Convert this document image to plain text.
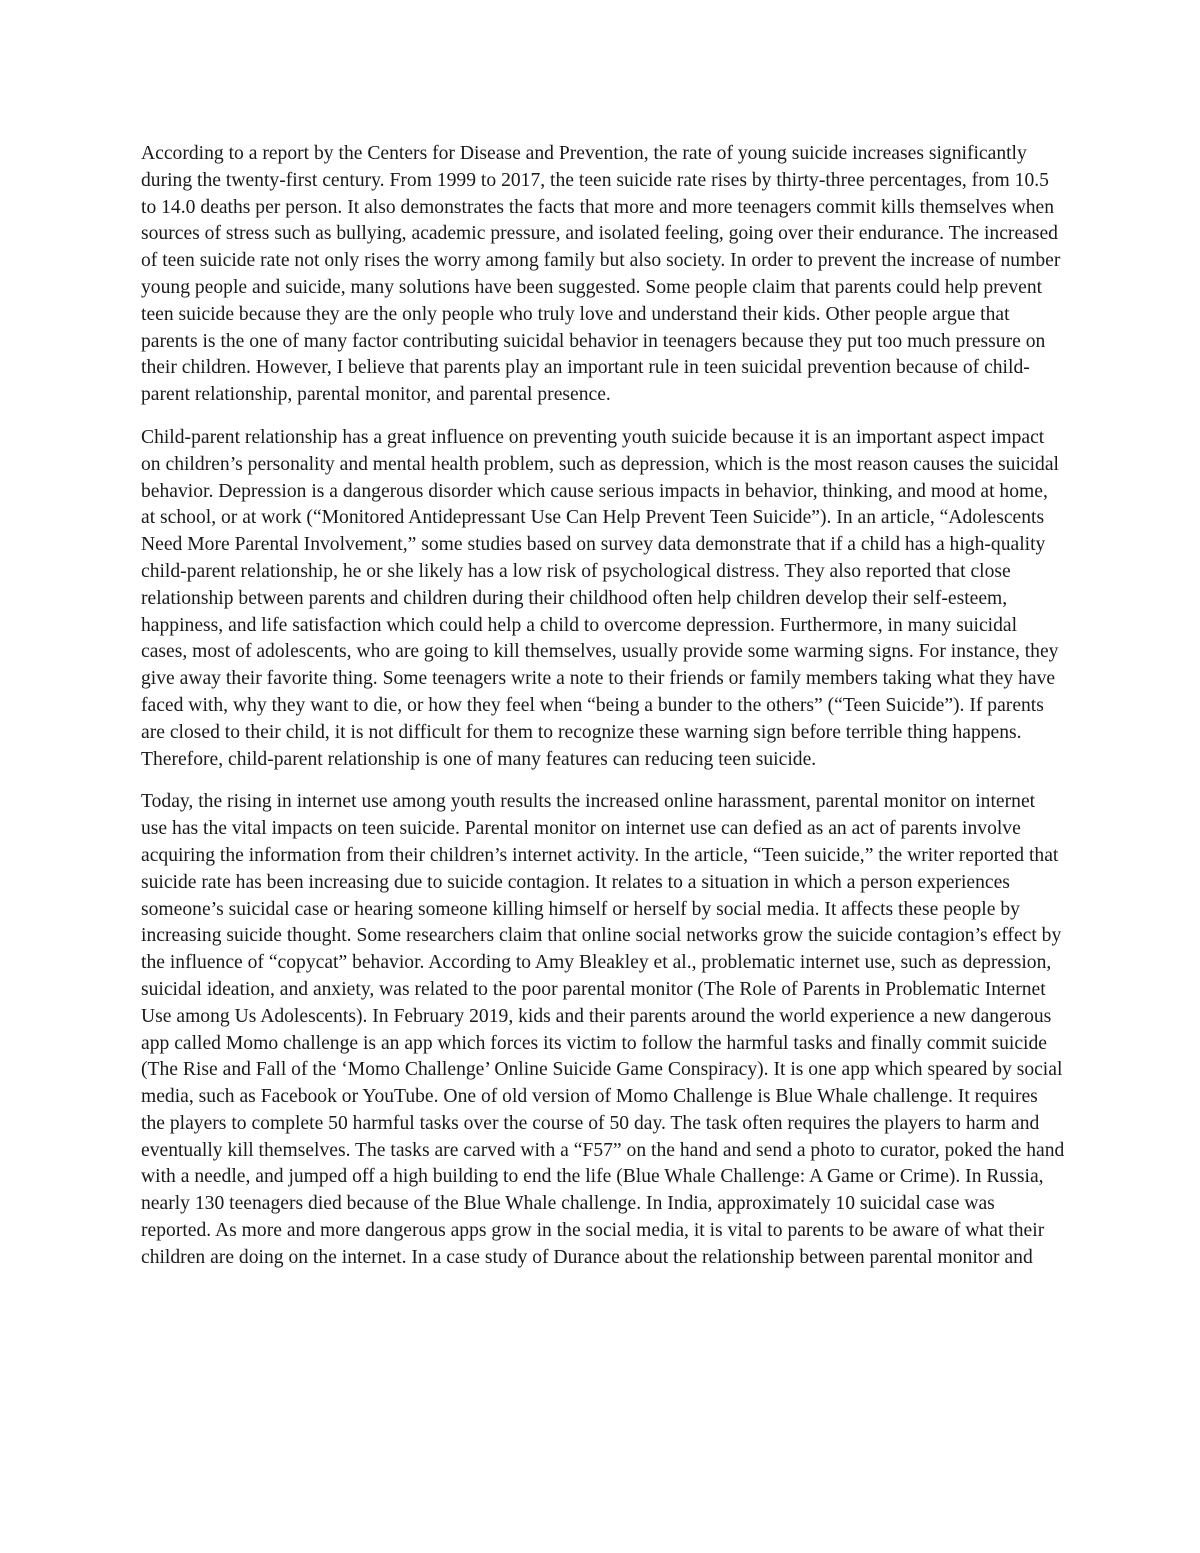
According to a report by the Centers for Disease and Prevention, the rate of young suicide increases significantly during the twenty-first century. From 1999 to 2017, the teen suicide rate rises by thirty-three percentages, from 10.5 to 14.0 deaths per person. It also demonstrates the facts that more and more teenagers commit kills themselves when sources of stress such as bullying, academic pressure, and isolated feeling, going over their endurance. The increased of teen suicide rate not only rises the worry among family but also society. In order to prevent the increase of number young people and suicide, many solutions have been suggested. Some people claim that parents could help prevent teen suicide because they are the only people who truly love and understand their kids. Other people argue that parents is the one of many factor contributing suicidal behavior in teenagers because they put too much pressure on their children. However, I believe that parents play an important rule in teen suicidal prevention because of child-parent relationship, parental monitor, and parental presence.

Child-parent relationship has a great influence on preventing youth suicide because it is an important aspect impact on children’s personality and mental health problem, such as depression, which is the most reason causes the suicidal behavior. Depression is a dangerous disorder which cause serious impacts in behavior, thinking, and mood at home, at school, or at work (“Monitored Antidepressant Use Can Help Prevent Teen Suicide”). In an article, “Adolescents Need More Parental Involvement,” some studies based on survey data demonstrate that if a child has a high-quality child-parent relationship, he or she likely has a low risk of psychological distress. They also reported that close relationship between parents and children during their childhood often help children develop their self-esteem, happiness, and life satisfaction which could help a child to overcome depression. Furthermore, in many suicidal cases, most of adolescents, who are going to kill themselves, usually provide some warming signs. For instance, they give away their favorite thing. Some teenagers write a note to their friends or family members taking what they have faced with, why they want to die, or how they feel when “being a bunder to the others” (“Teen Suicide”). If parents are closed to their child, it is not difficult for them to recognize these warning sign before terrible thing happens. Therefore, child-parent relationship is one of many features can reducing teen suicide.

Today, the rising in internet use among youth results the increased online harassment, parental monitor on internet use has the vital impacts on teen suicide. Parental monitor on internet use can defied as an act of parents involve acquiring the information from their children’s internet activity. In the article, “Teen suicide,” the writer reported that suicide rate has been increasing due to suicide contagion. It relates to a situation in which a person experiences someone’s suicidal case or hearing someone killing himself or herself by social media. It affects these people by increasing suicide thought. Some researchers claim that online social networks grow the suicide contagion’s effect by the influence of “copycat” behavior. According to Amy Bleakley et al., problematic internet use, such as depression, suicidal ideation, and anxiety, was related to the poor parental monitor (The Role of Parents in Problematic Internet Use among Us Adolescents). In February 2019, kids and their parents around the world experience a new dangerous app called Momo challenge is an app which forces its victim to follow the harmful tasks and finally commit suicide (The Rise and Fall of the ‘Momo Challenge’ Online Suicide Game Conspiracy). It is one app which speared by social media, such as Facebook or YouTube. One of old version of Momo Challenge is Blue Whale challenge. It requires the players to complete 50 harmful tasks over the course of 50 day. The task often requires the players to harm and eventually kill themselves. The tasks are carved with a “F57” on the hand and send a photo to curator, poked the hand with a needle, and jumped off a high building to end the life (Blue Whale Challenge: A Game or Crime). In Russia, nearly 130 teenagers died because of the Blue Whale challenge. In India, approximately 10 suicidal case was reported. As more and more dangerous apps grow in the social media, it is vital to parents to be aware of what their children are doing on the internet. In a case study of Durance about the relationship between parental monitor and
